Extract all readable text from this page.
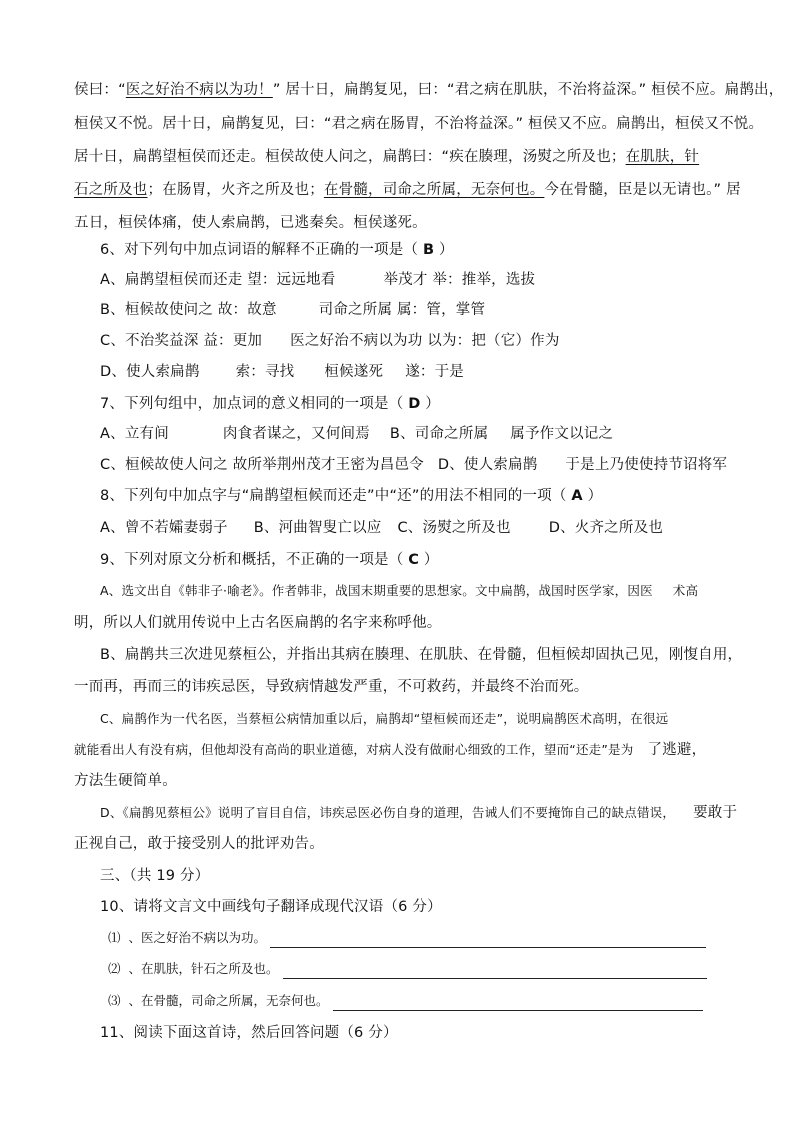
侯曰：“医之好治不病以为功！” 居十日，扁鹊复见，曰：“君之病在肌肤，不治将益深。” 桓侯不应。扁鹊出，
桓侯又不悦。居十日，扁鹊复见，曰：“君之病在肠胃，不治将益深。” 桓侯又不应。扁鹊出，桓侯又不悦。
居十日，扁鹊望桓侯而还走。桓侯故使人问之，扁鹊曰：“疾在腠理，汤熨之所及也；在肌肤，针
石之所及也；在肠胃，火齐之所及也；在骨髓，司命之所属，无奈何也。今在骨髓，臣是以无请也。” 居
五日，桓侯体痛，使人索扁鹊，已逃秦矣。桓侯遂死。
6、对下列句中加点词语的解释不正确的一项是（ B ）
A、扁鹊望桓侯而还走 望：远远地看	举茂才 举：推举，选拔
B、桓候故使问之 故：故意	司命之所属 属：管，掌管
C、不治奖益深 益：更加 医之好治不病以为功 以为：把（它）作为
D、使人索扁鹊 索：寻找 桓候遂死 遂：于是
7、下列句组中，加点词的意义相同的一项是（ D ）
A、立有间	肉食者谋之，又何间焉 B、司命之所属 属予作文以记之
C、桓候故使人问之 故所举荆州茂才王密为昌邑令 D、使人索扁鹊 于是上乃使使持节诏将军
8、下列句中加点字与“扁鹊望桓候而还走”中“还”的用法不相同的一项（ A ）
A、曾不若孀妻弱子 B、河曲智叟亡以应 C、汤熨之所及也	D、火齐之所及也
9、下列对原文分析和概括，不正确的一项是（ C ）
A、选文出自《韩非子·喻老》。作者韩非，战国末期重要的思想家。文中扁鹊，战国时医学家，因医 术高
明，所以人们就用传说中上古名医扁鹊的名字来称呼他。
B、扁鹊共三次进见蔡桓公，并指出其病在腠理、在肌肤、在骨髓，但桓候却固执己见，刚愎自用，
一而再，再而三的讳疾忌医，导致病情越发严重，不可救药，并最终不治而死。
C、扁鹊作为一代名医，当蔡桓公病情加重以后，扁鹊却“望桓候而还走”，说明扁鹊医术高明，在很远
就能看出人有没有病，但他却没有高尚的职业道德，对病人没有做耐心细致的工作，望而“还走”是为 了逃避，
方法生硬简单。
D、《扁鹊见蔡桓公》说明了盲目自信，讳疾忌医必伤自身的道理，告诫人们不要掩饰自己的缺点错误， 要敢于
正视自己，敢于接受别人的批评劝告。
三、（共 19 分）
10、请将文言文中画线句子翻译成现代汉语（6 分）
⑴ 、医之好治不病以为功。
⑵ 、在肌肤，针石之所及也。
⑶ 、在骨髓，司命之所属，无奈何也。
11、阅读下面这首诗，然后回答问题（6 分）
